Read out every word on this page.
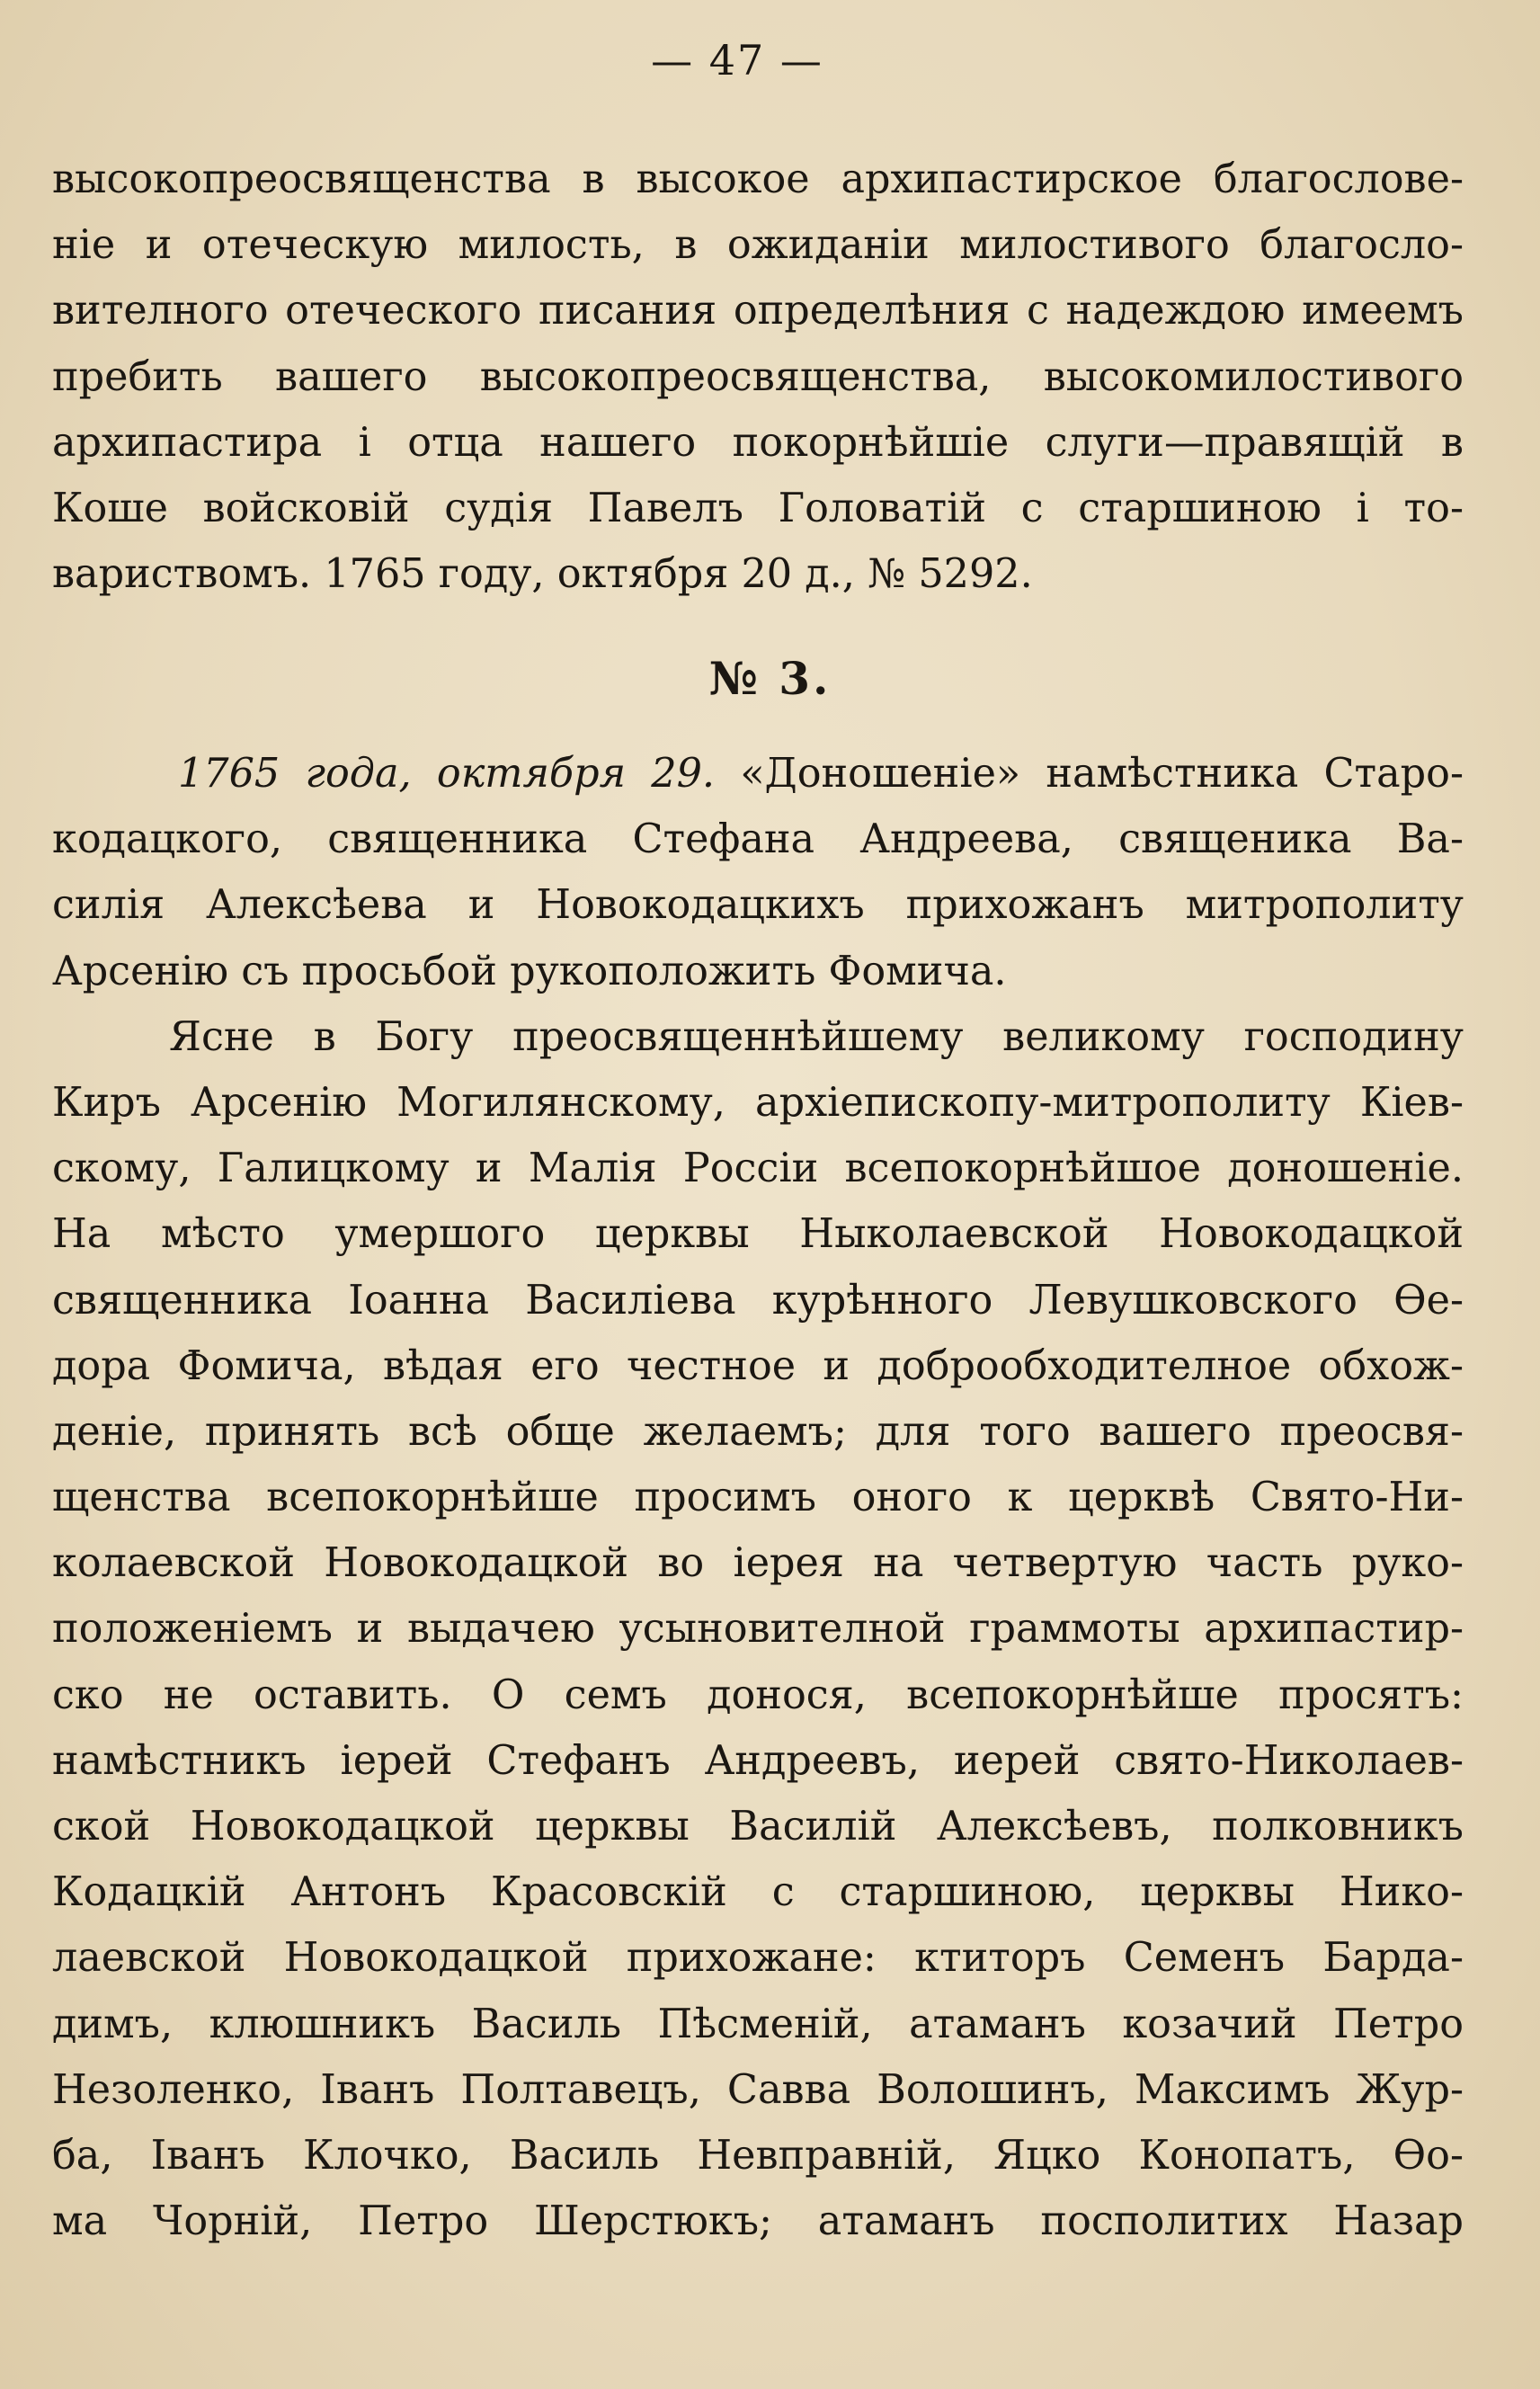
— 47 —
высокопреосвященства в высокое архипастирское благослове-
ніе и отеческую милость, в ожиданіи милостивого благосло-
вителного отеческого писания определѣния с надеждою имеемъ
пребить вашего высокопреосвященства, высокомилостивого
архипастира і отца нашего покорнѣйшіе слуги—правящій в
Коше войсковій судія Павелъ Головатій с старшиною і то-
вариствомъ. 1765 году, октября 20 д., № 5292.
№ 3.
1765 года, октября 29. «Доношеніе» намѣстника Старо-
кодацкого, священника Стефана Андреева, священика Ва-
силія Алексѣева и Новокодацкихъ прихожанъ митрополиту
Арсенію съ просьбой рукоположить Фомича.
Ясне в Богу преосвященнѣйшему великому господину
Киръ Арсенію Могилянскому, архіепископу-митрополиту Кіев-
скому, Галицкому и Малія Россіи всепокорнѣйшое доношеніе.
На мѣсто умершого церквы Ныколаевской Новокодацкой
священника Іоанна Василіева курѣнного Левушковского Өе-
дора Фомича, вѣдая его честное и доброобходителное обхож-
деніе, принять всѣ обще желаемъ; для того вашего преосвя-
щенства всепокорнѣйше просимъ оного к церквѣ Свято-Ни-
колаевской Новокодацкой во іерея на четвертую часть руко-
положеніемъ и выдачею усыновителной граммоты архипастир-
ско не оставить. О семъ донося, всепокорнѣйше просятъ:
намѣстникъ іерей Стефанъ Андреевъ, иерей свято-Николаев-
ской Новокодацкой церквы Василій Алексѣевъ, полковникъ
Кодацкій Антонъ Красовскій с старшиною, церквы Нико-
лаевской Новокодацкой прихожане: ктиторъ Семенъ Барда-
димъ, клюшникъ Василь Пѣсменій, атаманъ козачий Петро
Незоленко, Іванъ Полтавецъ, Савва Волошинъ, Максимъ Жур-
ба, Іванъ Клочко, Василь Невправній, Яцко Конопатъ, Өо-
ма Чорній, Петро Шерстюкъ; атаманъ посполитих Назар
